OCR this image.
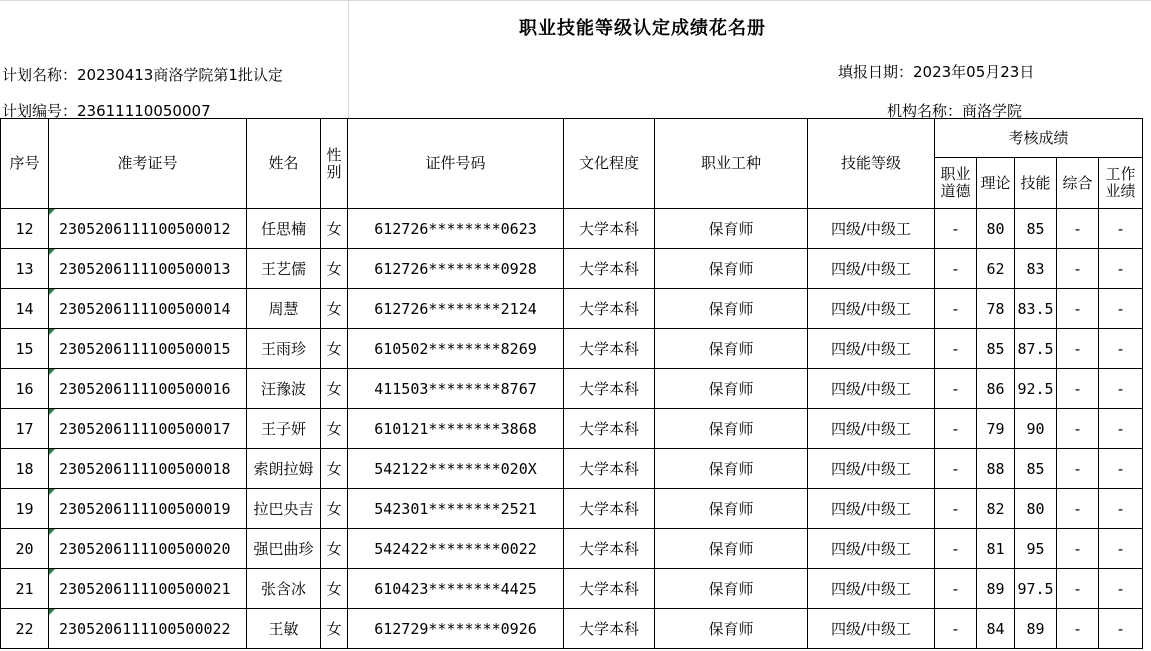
职业技能等级认定成绩花名册
计划名称：20230413商洛学院第1批认定
计划编号：23611110050007
填报日期：2023年05月23日
机构名称：商洛学院
序号	准考证号	姓名	性别	证件号码	文化程度	职业工种	技能等级	考核成绩				
								职业道德	理论	技能	综合	工作业绩
12	2305206111100500012	任思楠	女	612726********0623	大学本科	保育师	四级/中级工	-	80	85	-	-
13	2305206111100500013	王艺儒	女	612726********0928	大学本科	保育师	四级/中级工	-	62	83	-	-
14	2305206111100500014	周慧	女	612726********2124	大学本科	保育师	四级/中级工	-	78	83.5	-	-
15	2305206111100500015	王雨珍	女	610502********8269	大学本科	保育师	四级/中级工	-	85	87.5	-	-
16	2305206111100500016	汪豫波	女	411503********8767	大学本科	保育师	四级/中级工	-	86	92.5	-	-
17	2305206111100500017	王子妍	女	610121********3868	大学本科	保育师	四级/中级工	-	79	90	-	-
18	2305206111100500018	索朗拉姆	女	542122********020X	大学本科	保育师	四级/中级工	-	88	85	-	-
19	2305206111100500019	拉巴央吉	女	542301********2521	大学本科	保育师	四级/中级工	-	82	80	-	-
20	2305206111100500020	强巴曲珍	女	542422********0022	大学本科	保育师	四级/中级工	-	81	95	-	-
21	2305206111100500021	张含冰	女	610423********4425	大学本科	保育师	四级/中级工	-	89	97.5	-	-
22	2305206111100500022	王敏	女	612729********0926	大学本科	保育师	四级/中级工	-	84	89	-	-
